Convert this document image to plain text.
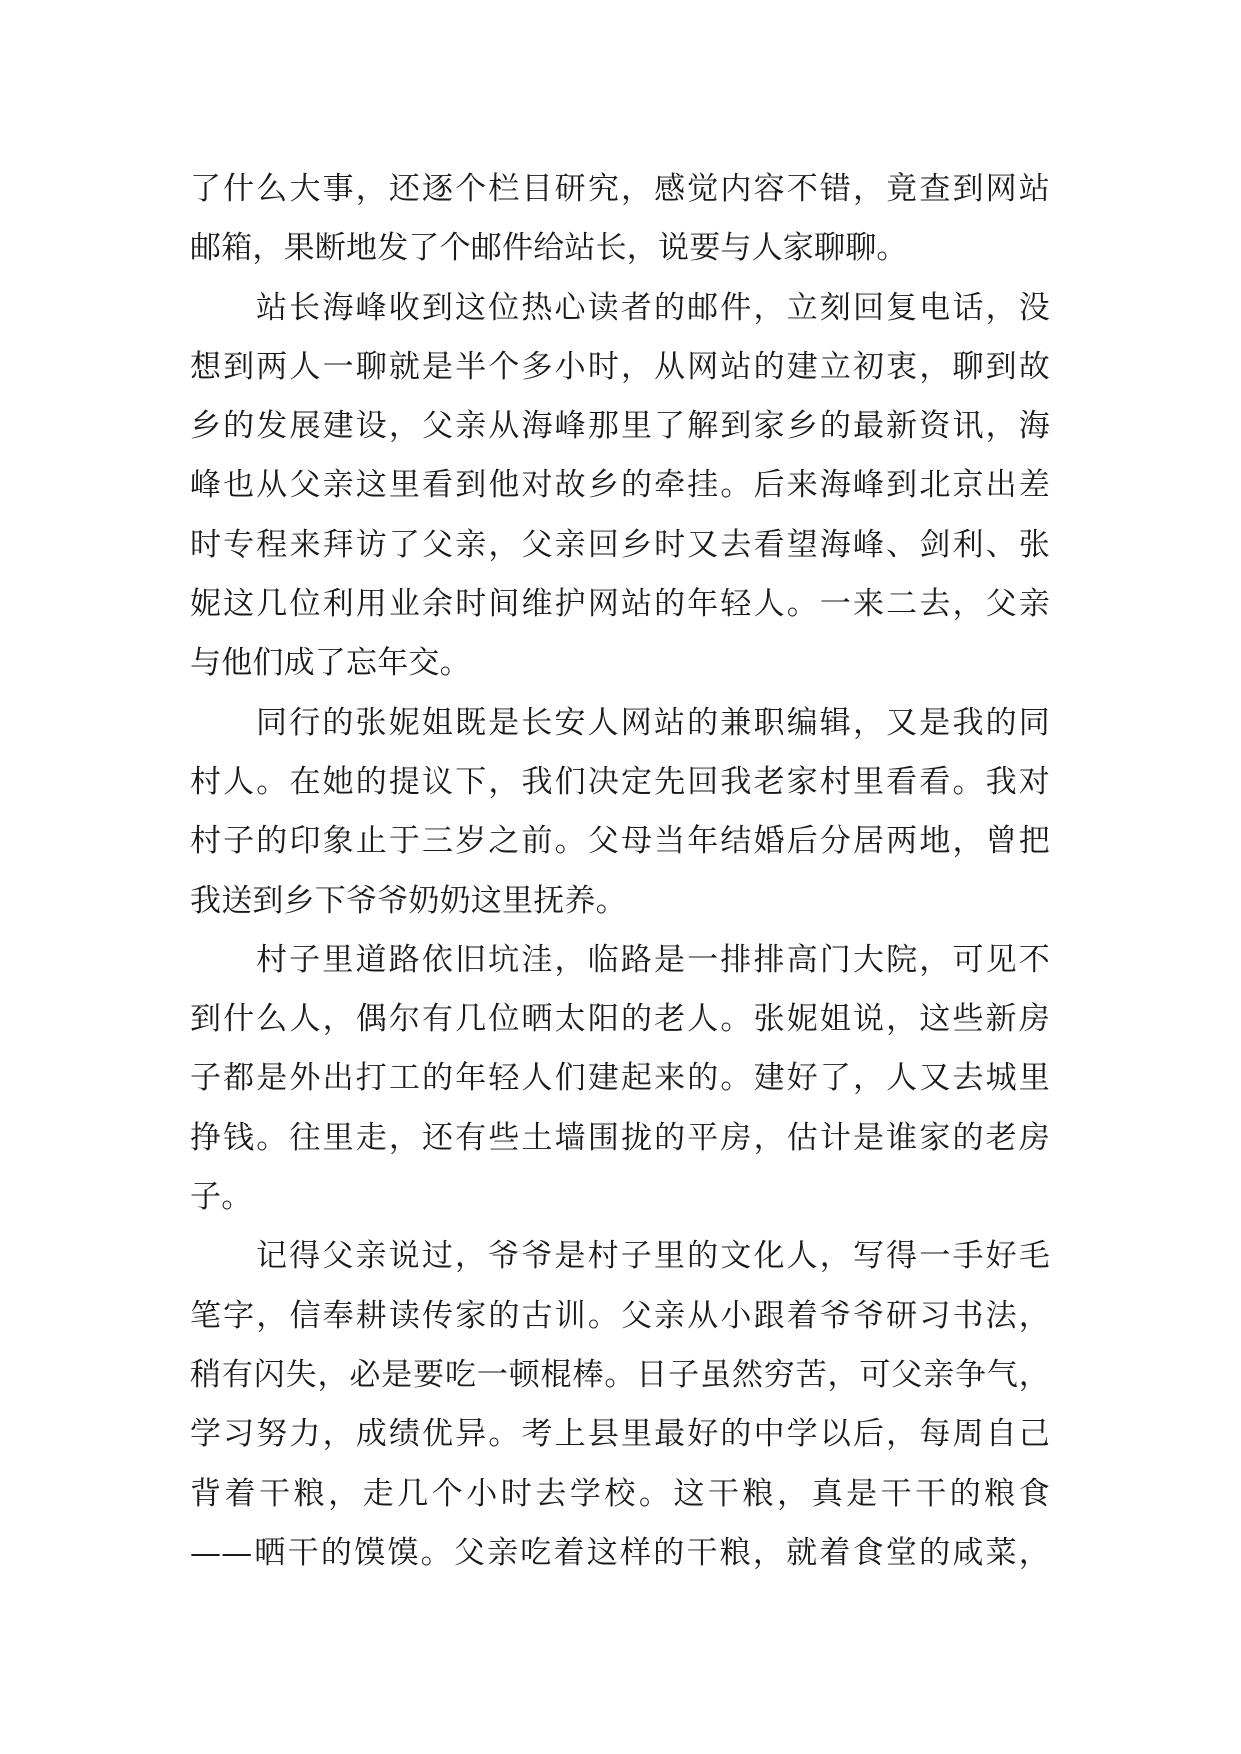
了什么大事，还逐个栏目研究，感觉内容不错，竟查到网站
邮箱，果断地发了个邮件给站长，说要与人家聊聊。
站长海峰收到这位热心读者的邮件，立刻回复电话，没
想到两人一聊就是半个多小时，从网站的建立初衷，聊到故
乡的发展建设，父亲从海峰那里了解到家乡的最新资讯，海
峰也从父亲这里看到他对故乡的牵挂。后来海峰到北京出差
时专程来拜访了父亲，父亲回乡时又去看望海峰、剑利、张
妮这几位利用业余时间维护网站的年轻人。一来二去，父亲
与他们成了忘年交。
同行的张妮姐既是长安人网站的兼职编辑，又是我的同
村人。在她的提议下，我们决定先回我老家村里看看。我对
村子的印象止于三岁之前。父母当年结婚后分居两地，曾把
我送到乡下爷爷奶奶这里抚养。
村子里道路依旧坑洼，临路是一排排高门大院，可见不
到什么人，偶尔有几位晒太阳的老人。张妮姐说，这些新房
子都是外出打工的年轻人们建起来的。建好了，人又去城里
挣钱。往里走，还有些土墙围拢的平房，估计是谁家的老房
子。
记得父亲说过，爷爷是村子里的文化人，写得一手好毛
笔字，信奉耕读传家的古训。父亲从小跟着爷爷研习书法，
稍有闪失，必是要吃一顿棍棒。日子虽然穷苦，可父亲争气，
学习努力，成绩优异。考上县里最好的中学以后，每周自己
背着干粮，走几个小时去学校。这干粮，真是干干的粮食
——晒干的馍馍。父亲吃着这样的干粮，就着食堂的咸菜，
